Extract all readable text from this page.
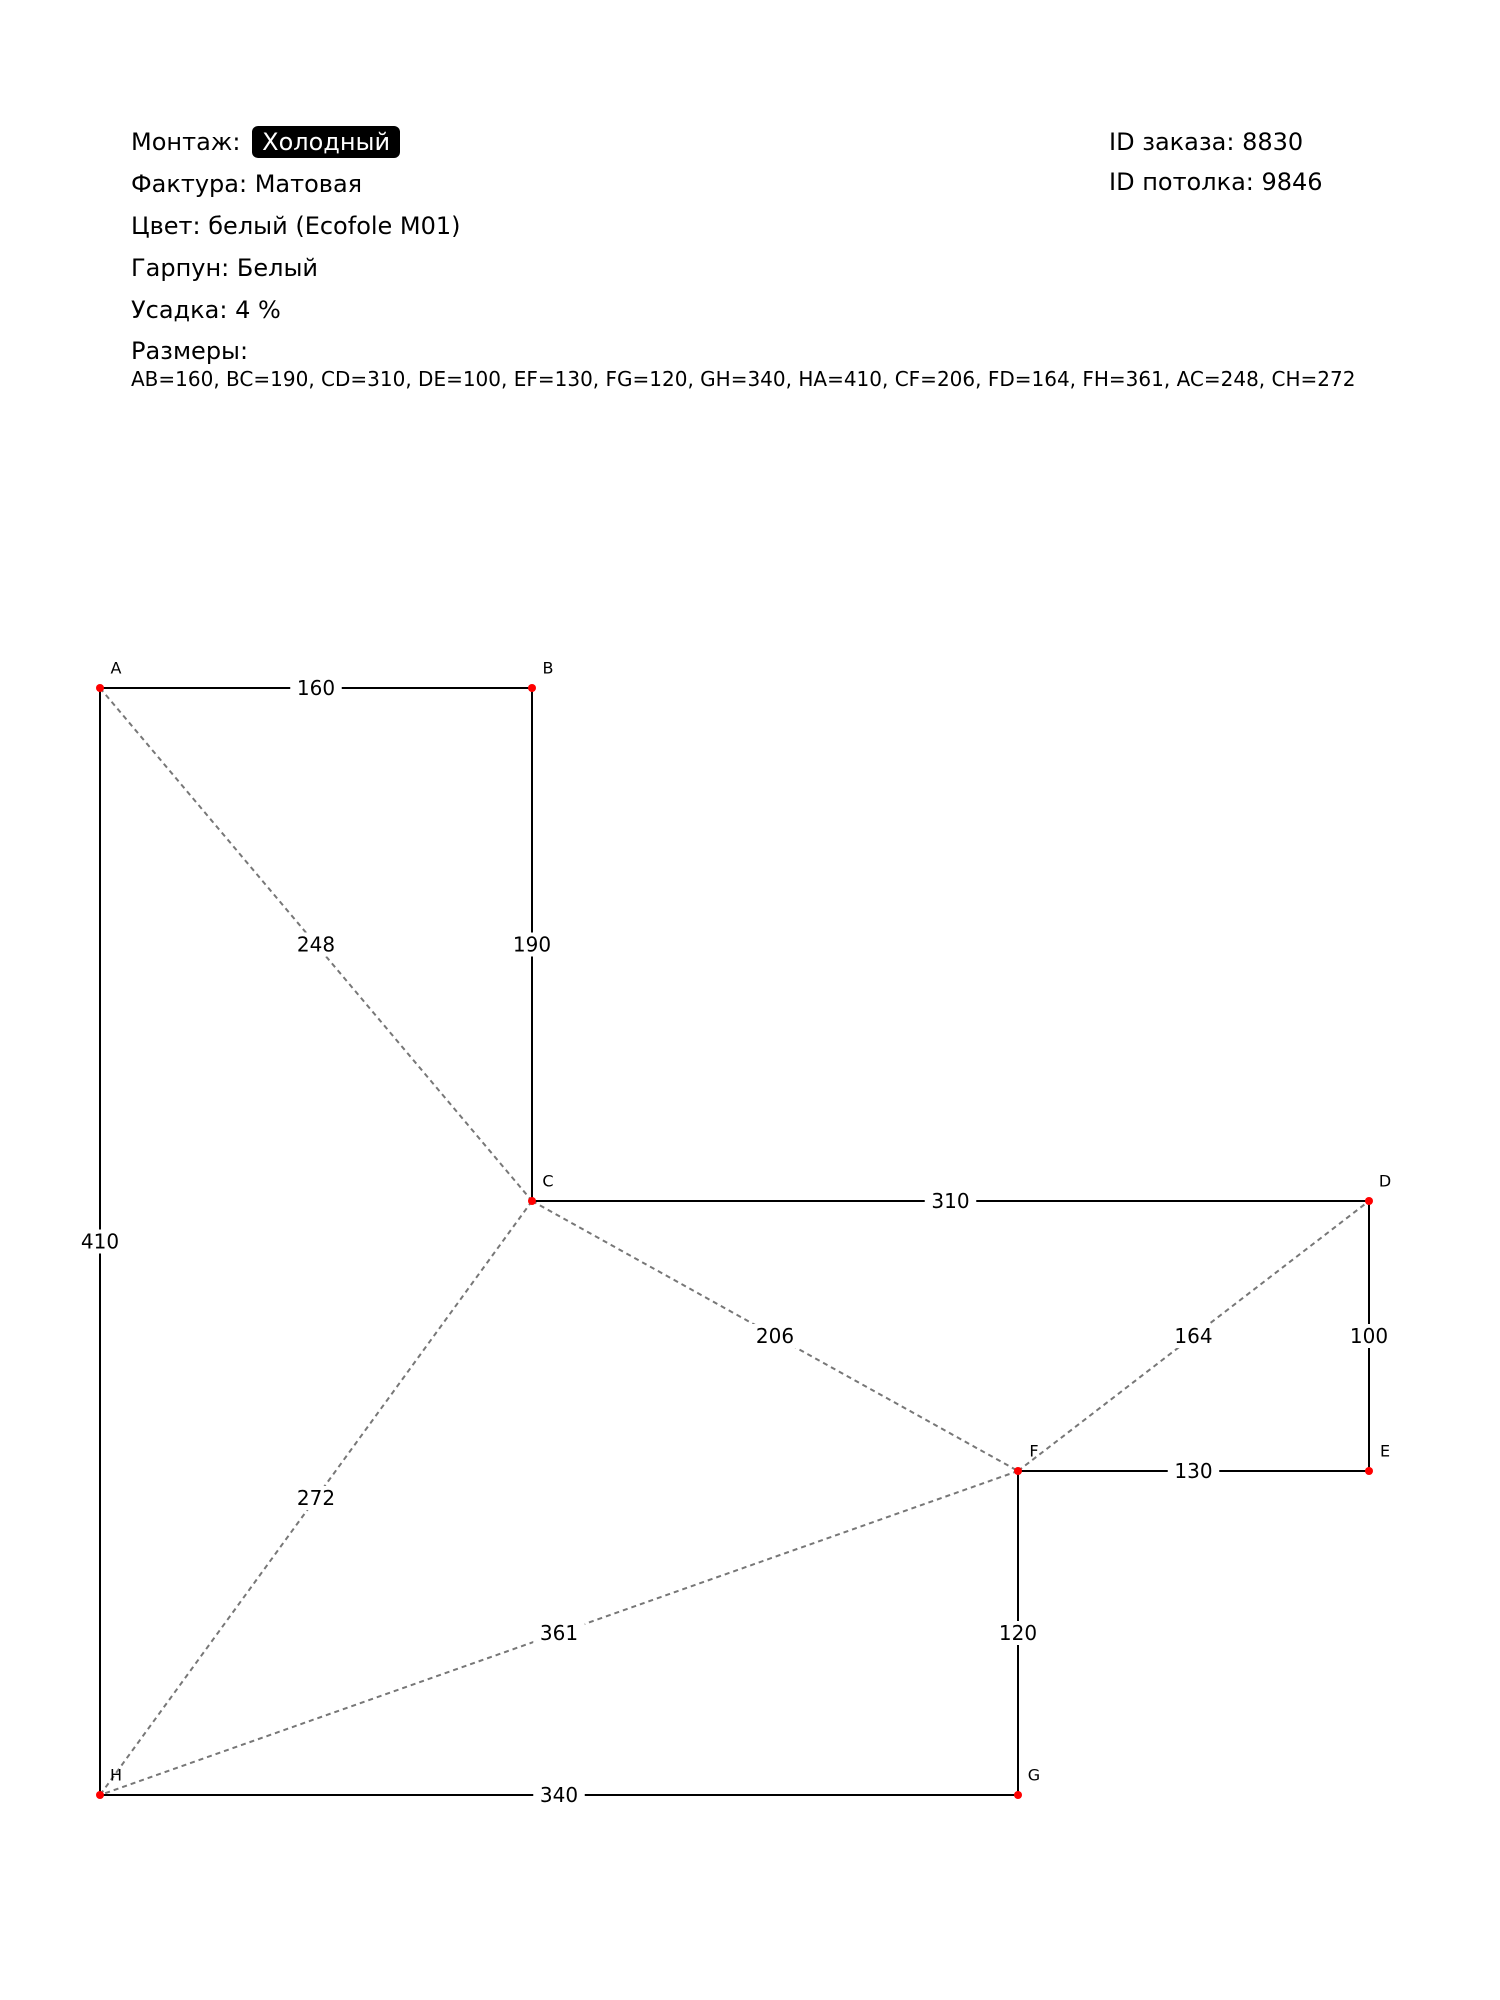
Монтаж: Холодный
Фактура: Матовая
Цвет: белый (Ecofole M01)
Гарпун: Белый
Усадка: 4 %
Размеры:
AB=160, BC=190, CD=310, DE=100, EF=130, FG=120, GH=340, HA=410, CF=206, FD=164, FH=361, AC=248, CH=272
ID заказа: 8830
ID потолка: 9846
248
206
272
164
361
160
190
310
100
130
120
340
410
A	B
C	D
E
F
G
H
